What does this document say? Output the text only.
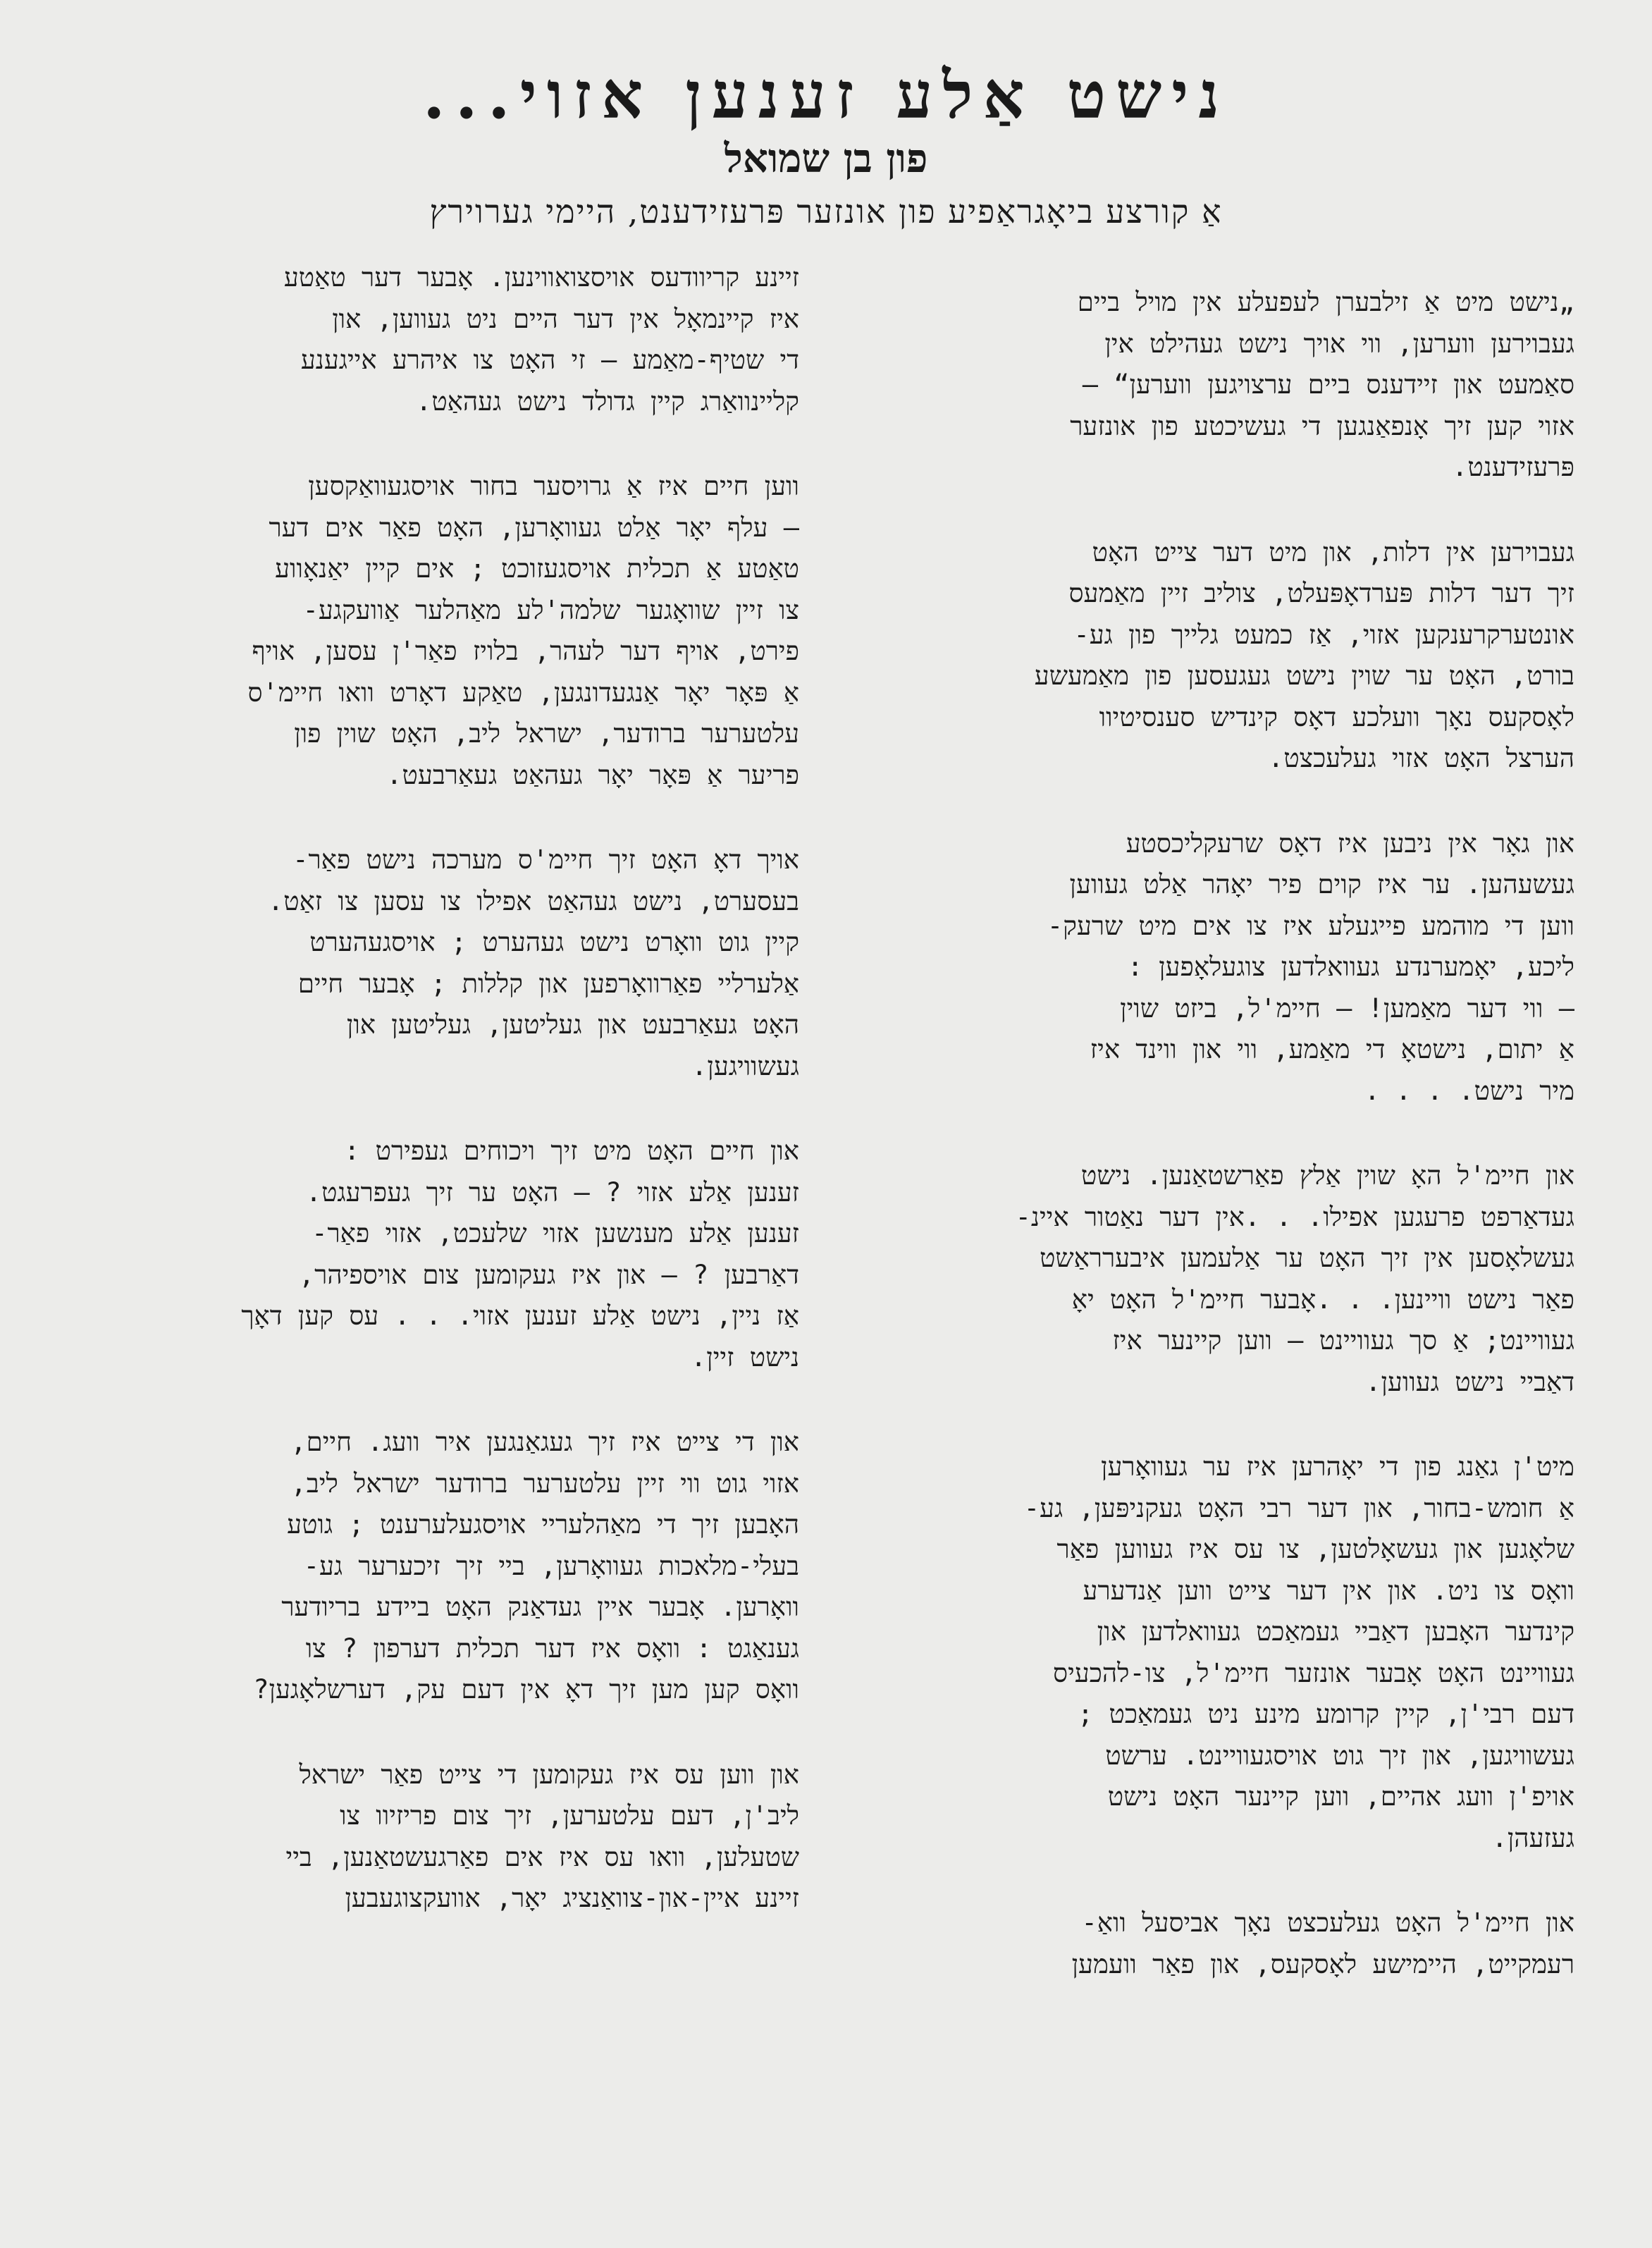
נישט אַלע זענען אזוי...
פון בן שמואל
אַ קורצע ביאָגראַפיע פון אונזער פּרעזידענט, היימי גערוירץ

„נישט מיט אַ זילבערן לעפעלע אין מויל ביים
געבוירען ווערען, ווי אויך נישט געהילט אין
סאַמעט און זיידענס ביים ערצויגען ווערען“ —
אזוי קען זיך אָנפאַנגען די געשיכטע פון אונזער
פּרעזידענט.

געבוירען אין דלות, און מיט דער צייט האָט
זיך דער דלות פּערדאָפּעלט, צוליב זיין מאַמעס
אונטערקרענקען אזוי, אַז כמעט גלייך פון גע-
בורט, האָט ער שוין נישט געגעסען פון מאַמעשע
לאָסקעס נאָך וועלכע דאָס קינדיש סענסיטיוו
הערצל האָט אזוי געלעכצט.

און גאָר אין ניבען איז דאָס שרעקליכסטע
געשעהען. ער איז קוים פיר יאָהר אַלט געווען
ווען די מוהמע פייגעלע איז צו אים מיט שרעק-
ליכע, יאָמערנדע געוואלדען צוגעלאָפען :
— ווי דער מאַמען! — חיימ'ל, ביזט שוין
אַ יתום, נישטאָ די מאַמע, ווי און ווינד איז
מיר נישט. . . .

און חיימ'ל האָ שוין אַלץ פאַרשטאַנען. נישט
געדאַרפט פרעגען אפילו. . .אין דער נאַטור איינ-
געשלאָסען אין זיך האָט ער אַלעמען איבערראַשט
פאַר נישט וויינען. . .אָבער חיימ'ל האָט יאָ
געוויינט; אַ סך געוויינט — ווען קיינער איז
דאַביי נישט געווען.

מיט'ן גאַנג פון די יאָהרען איז ער געוואָרען
אַ חומש-בחור, און דער רבי האָט געקניפּען, גע-
שלאָגען און געשאָלטען, צו עס איז געווען פאַר
וואָס צו ניט. און אין דער צייט ווען אַנדערע
קינדער האָבען דאַביי געמאַכט געוואלדען און
געוויינט האָט אָבער אונזער חיימ'ל, צו-להכעיס
דעם רבי'ן, קיין קרומע מינע ניט געמאַכט ;
געשוויגען, און זיך גוט אויסגעוויינט. ערשט
אויפ'ן וועג אהיים, ווען קיינער האָט נישט
געזעהן.

און חיימ'ל האָט געלעכצט נאָך אביסעל וואַ-
רעמקייט, היימישע לאָסקעס, און פאַר וועמען

זיינע קריוודעס אויסצואווינען. אָבער דער טאַטע
איז קיינמאָל אין דער היים ניט געווען, און
די שטיף-מאַמע — זי האָט צו איהרע אייגענע
קליינוואַרג קיין גדולד נישט געהאַט.

ווען חיים איז אַ גרויסער בחור אויסגעוואַקסען
— עלף יאָר אַלט געוואָרען, האָט פאַר אים דער
טאַטע אַ תכלית אויסגעזוכט ; אים קיין יאַנאָווע
צו זיין שוואָגער שלמה'לע מאַהלער אַוועקגע-
פירט, אויף דער לעהר, בלויז פאַר'ן עסען, אויף
אַ פּאָר יאָר אַנגעדונגען, טאַקע דאָרט וואו חיימ'ס
עלטערער ברודער, ישראל ליב, האָט שוין פון
פריער אַ פּאָר יאָר געהאַט געאַרבעט.

אויך דאָ האָט זיך חיימ'ס מערכה נישט פאַר-
בעסערט, נישט געהאַט אפילו צו עסען צו זאַט.
קיין גוט וואָרט נישט געהערט ; אויסגעהערט
אַלערליי פאַרוואָרפען און קללות ; אָבער חיים
האָט געאַרבעט און געליטען, געליטען און
געשוויגען.

און חיים האָט מיט זיך ויכוחים געפירט :
זענען אַלע אזוי ? — האָט ער זיך געפרעגט.
זענען אַלע מענשען אזוי שלעכט, אזוי פאַר-
דאַרבען ? — און איז געקומען צום אויספיהר,
אַז ניין, נישט אַלע זענען אזוי. . . עס קען דאָך
נישט זיין.

און די צייט איז זיך געגאַנגען איר וועג. חיים,
אזוי גוט ווי זיין עלטערער ברודער ישראל ליב,
האָבען זיך די מאַהלעריי אויסגעלערענט ; גוטע
בעלי-מלאכות געוואָרען, ביי זיך זיכערער גע-
וואָרען. אָבער איין געדאַנק האָט ביידע בריודער
גענאַגט : וואָס איז דער תכלית דערפון ? צו
וואָס קען מען זיך דאָ אין דעם עק, דערשלאָגען?

און ווען עס איז געקומען די צייט פאַר ישראל
ליב'ן, דעם עלטערען, זיך צום פריזיוו צו
שטעלען, וואו עס איז אים פאַרגעשטאַנען, ביי
זיינע איין-און-צוואַנציג יאָר, אוועקצוגעבען
